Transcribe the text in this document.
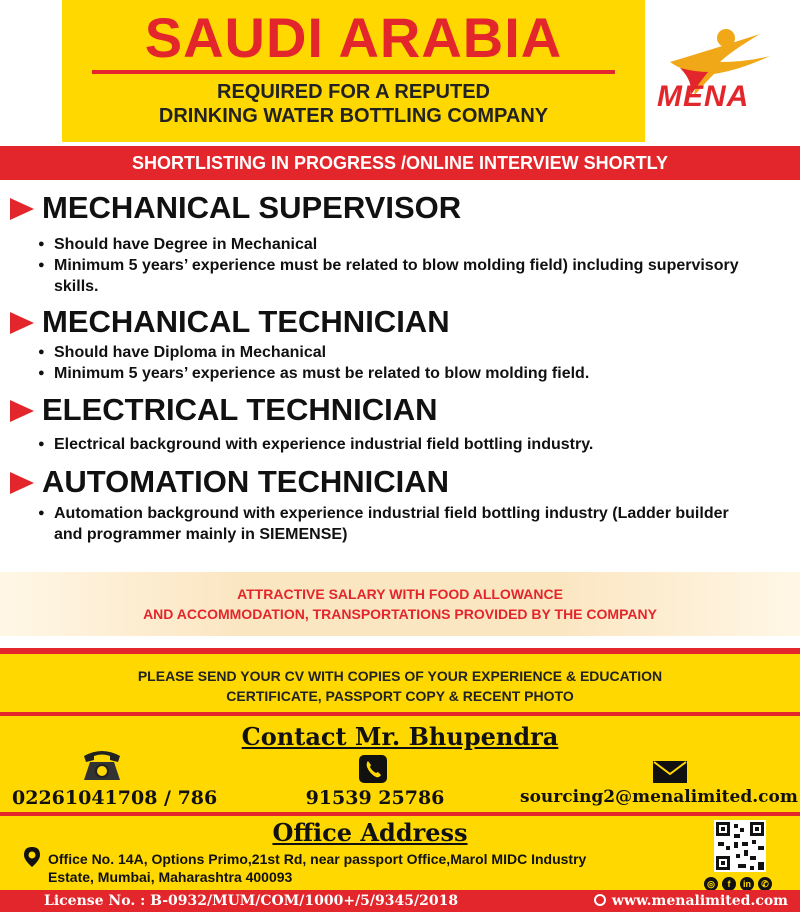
SAUDI ARABIA
REQUIRED FOR A REPUTED
DRINKING WATER BOTTLING COMPANY
MENA
SHORTLISTING IN PROGRESS /ONLINE INTERVIEW SHORTLY
MECHANICAL SUPERVISOR
● Should have Degree in Mechanical
● Minimum 5 years’ experience must be related to blow molding field) including supervisory skills.
MECHANICAL TECHNICIAN
● Should have Diploma in Mechanical
● Minimum 5 years’ experience as must be related to blow molding field.
ELECTRICAL TECHNICIAN
● Electrical background with experience industrial field bottling industry.
AUTOMATION TECHNICIAN
● Automation background with experience industrial field bottling industry (Ladder builder and programmer mainly in SIEMENSE)
ATTRACTIVE SALARY WITH FOOD ALLOWANCE
AND ACCOMMODATION, TRANSPORTATIONS PROVIDED BY THE COMPANY
PLEASE SEND YOUR CV WITH COPIES OF YOUR EXPERIENCE & EDUCATION
CERTIFICATE, PASSPORT COPY & RECENT PHOTO
Contact Mr. Bhupendra
02261041708 / 786	91539 25786	sourcing2@menalimited.com
Office Address
Office No. 14A, Options Primo,21st Rd, near passport Office,Marol MIDC Industry
Estate, Mumbai, Maharashtra 400093	◎ f in ✆
License No. : B-0932/MUM/COM/1000+/5/9345/2018	www.menalimited.com
